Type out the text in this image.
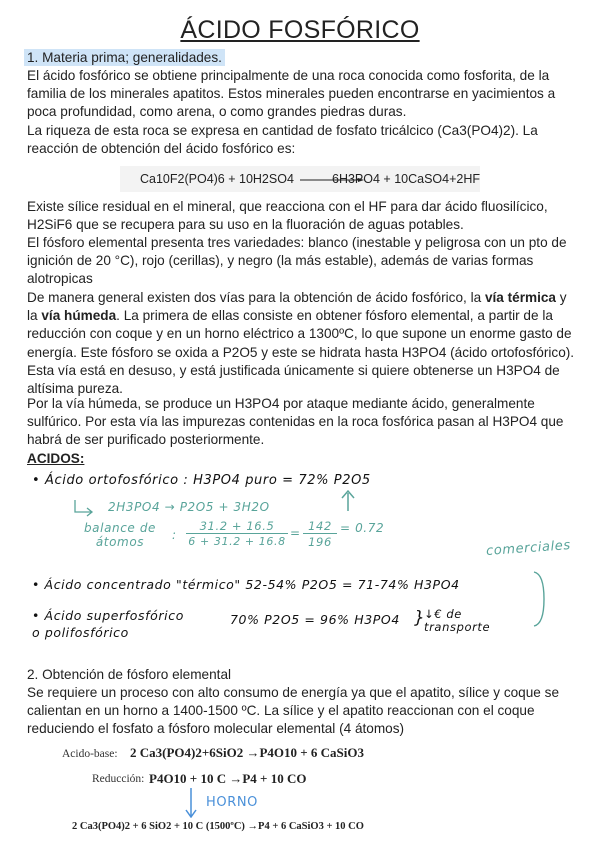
ÁCIDO FOSFÓRICO
1. Materia prima; generalidades.
El ácido fosfórico se obtiene principalmente de una roca conocida como fosforita, de la familia de los minerales apatitos. Estos minerales pueden encontrarse en yacimientos a poca profundidad, como arena, o como grandes piedras duras.
La riqueza de esta roca se expresa en cantidad de fosfato tricálcico (Ca3(PO4)2). La reacción de obtención del ácido fosfórico es:
Ca10F2(PO4)6 + 10H2SO4	6H3PO4 + 10CaSO4+2HF
Existe sílice residual en el mineral, que reacciona con el HF para dar ácido fluosilícico, H2SiF6 que se recupera para su uso en la fluoración de aguas potables.
El fósforo elemental presenta tres variedades: blanco (inestable y peligrosa con un pto de ignición de 20 °C), rojo (cerillas), y negro (la más estable), además de varias formas alotropicas
De manera general existen dos vías para la obtención de ácido fosfórico, la vía térmica y la vía húmeda. La primera de ellas consiste en obtener fósforo elemental, a partir de la reducción con coque y en un horno eléctrico a 1300ºC, lo que supone un enorme gasto de energía. Este fósforo se oxida a P2O5 y este se hidrata hasta H3PO4 (ácido ortofosfórico). Esta vía está en desuso, y está justificada únicamente si quiere obtenerse un H3PO4 de altísima pureza.
Por la vía húmeda, se produce un H3PO4 por ataque mediante ácido, generalmente sulfúrico. Por esta vía las impurezas contenidas en la roca fosfórica pasan al H3PO4 que habrá de ser purificado posteriormente.
ACIDOS:
• Ácido ortofosfórico : H3PO4 puro = 72% P2O5
2H3PO4 → P2O5 + 3H2O
balance de átomos	:
31.2 + 16.5
6 + 31.2 + 16.8
= 142
196
= 0.72
comerciales
• Ácido concentrado "térmico" 52-54% P2O5 = 71-74% H3PO4
• Ácido superfosfórico
o polifosfórico
70% P2O5 = 96% H3PO4 }
↓€ de transporte
2. Obtención de fósforo elemental
Se requiere un proceso con alto consumo de energía ya que el apatito, sílice y coque se calientan en un horno a 1400-1500 ºC. La sílice y el apatito reaccionan con el coque reduciendo el fosfato a fósforo molecular elemental (4 átomos)
Acido-base: 2 Ca3(PO4)2+6SiO2 →P4O10 + 6 CaSiO3
Reducción: P4O10 + 10 C →P4 + 10 CO
HORNO
2 Ca3(PO4)2 + 6 SiO2 + 10 C (1500ºC) →P4 + 6 CaSiO3 + 10 CO
